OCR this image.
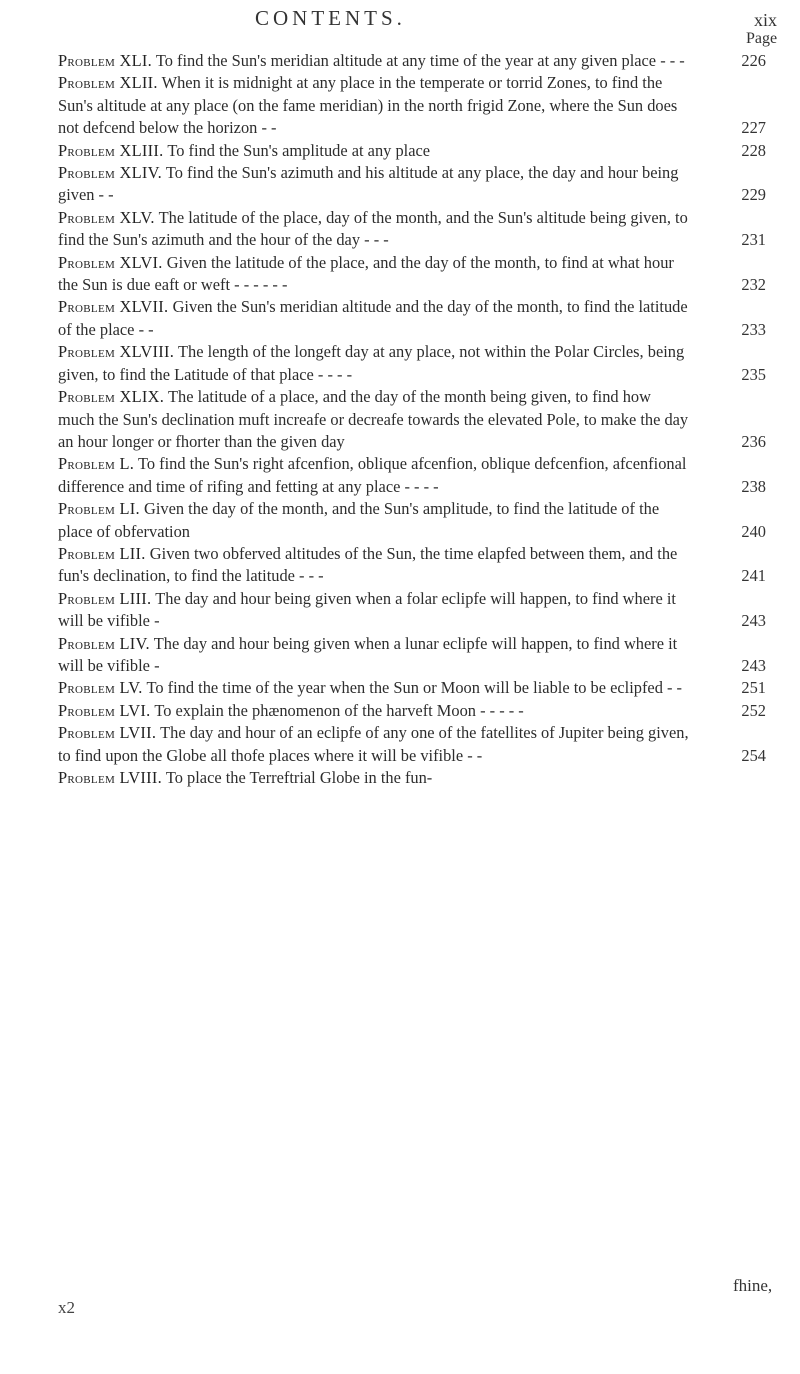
CONTENTS.	xix
Page
Problem XLI. To find the Sun's meridian altitude at any time of the year at any given place - - -	226
Problem XLII. When it is midnight at any place in the temperate or torrid Zones, to find the Sun's altitude at any place (on the fame meridian) in the north frigid Zone, where the Sun does not defcend below the horizon - -	227
Problem XLIII. To find the Sun's amplitude at any place	228
Problem XLIV. To find the Sun's azimuth and his altitude at any place, the day and hour being given - -	229
Problem XLV. The latitude of the place, day of the month, and the Sun's altitude being given, to find the Sun's azimuth and the hour of the day - - -	231
Problem XLVI. Given the latitude of the place, and the day of the month, to find at what hour the Sun is due eaft or weft - - - - - -	232
Problem XLVII. Given the Sun's meridian altitude and the day of the month, to find the latitude of the place - -	233
Problem XLVIII. The length of the longeft day at any place, not within the Polar Circles, being given, to find the Latitude of that place - - - -	235
Problem XLIX. The latitude of a place, and the day of the month being given, to find how much the Sun's declination muft increafe or decreafe towards the elevated Pole, to make the day an hour longer or fhorter than the given day	236
Problem L. To find the Sun's right afcenfion, oblique afcenfion, oblique defcenfion, afcenfional difference and time of rifing and fetting at any place - - - -	238
Problem LI. Given the day of the month, and the Sun's amplitude, to find the latitude of the place of obfervation	240
Problem LII. Given two obferved altitudes of the Sun, the time elapfed between them, and the fun's declination, to find the latitude - - -	241
Problem LIII. The day and hour being given when a folar eclipfe will happen, to find where it will be vifible -	243
Problem LIV. The day and hour being given when a lunar eclipfe will happen, to find where it will be vifible -	243
Problem LV. To find the time of the year when the Sun or Moon will be liable to be eclipfed - -	251
Problem LVI. To explain the phænomenon of the harveft Moon - - - - -	252
Problem LVII. The day and hour of an eclipfe of any one of the fatellites of Jupiter being given, to find upon the Globe all thofe places where it will be vifible - -	254
Problem LVIII. To place the Terreftrial Globe in the fun-
fhine,
x2
